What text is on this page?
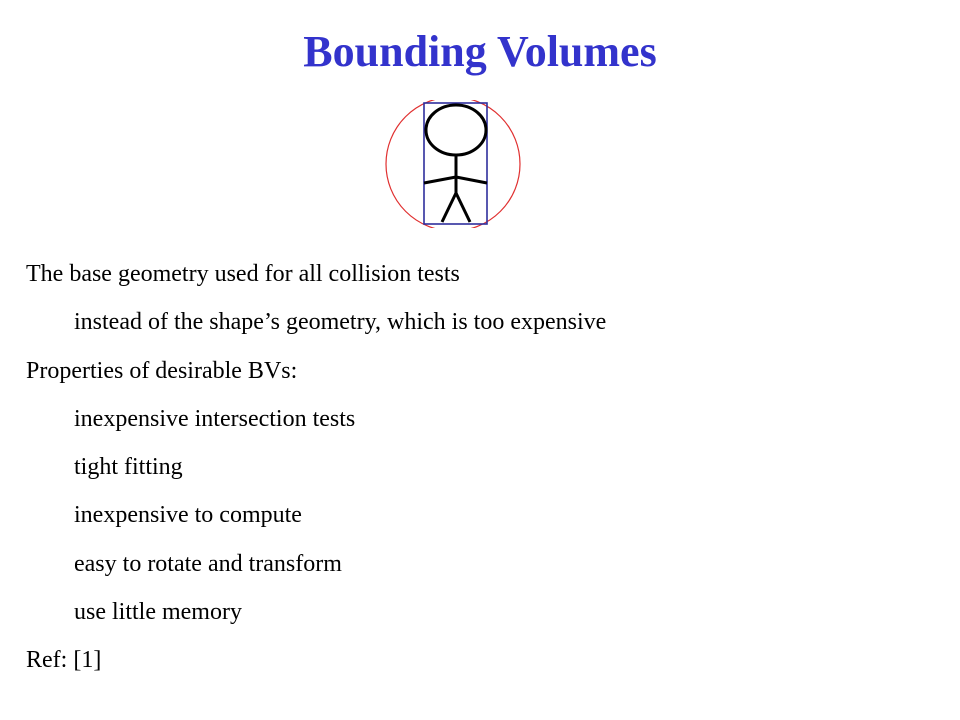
Bounding Volumes
The base geometry used for all collision tests
instead of the shape’s geometry, which is too expensive
Properties of desirable BVs:
inexpensive intersection tests
tight fitting
inexpensive to compute
easy to rotate and transform
use little memory
Ref: [1]
